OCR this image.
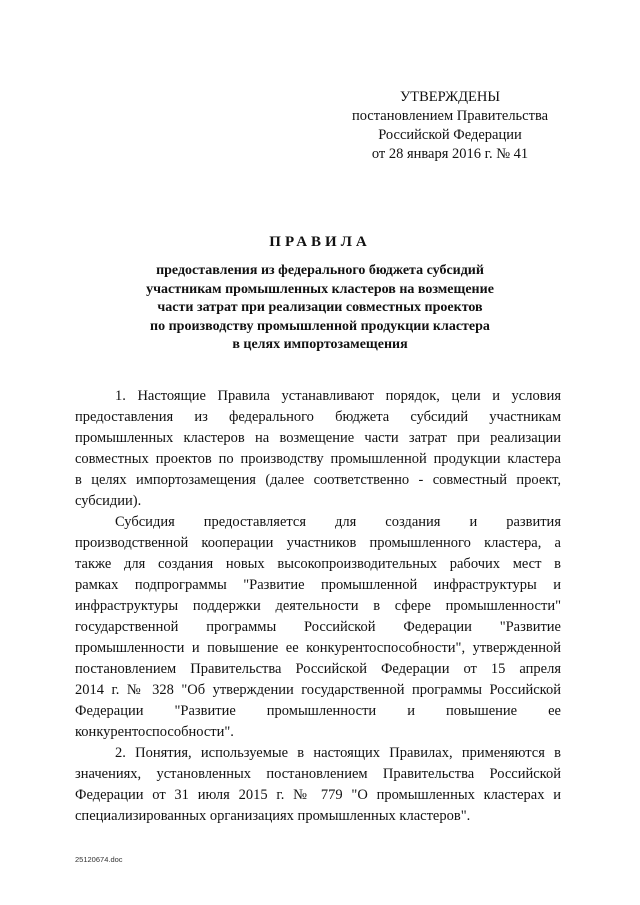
УТВЕРЖДЕНЫ
постановлением Правительства
Российской Федерации
от 28 января 2016 г. № 41
ПРАВИЛА
предоставления из федерального бюджета субсидий
участникам промышленных кластеров на возмещение
части затрат при реализации совместных проектов
по производству промышленной продукции кластера
в целях импортозамещения
1. Настоящие Правила устанавливают порядок, цели и условия
предоставления из федерального бюджета субсидий участникам
промышленных кластеров на возмещение части затрат при реализации
совместных проектов по производству промышленной продукции кластера
в целях импортозамещения (далее соответственно - совместный проект,
субсидии).
Субсидия предоставляется для создания и развития
производственной кооперации участников промышленного кластера, а
также для создания новых высокопроизводительных рабочих мест в
рамках подпрограммы "Развитие промышленной инфраструктуры и
инфраструктуры поддержки деятельности в сфере промышленности"
государственной программы Российской Федерации "Развитие
промышленности и повышение ее конкурентоспособности", утвержденной
постановлением Правительства Российской Федерации от 15 апреля
2014 г. № 328 "Об утверждении государственной программы Российской
Федерации "Развитие промышленности и повышение ее
конкурентоспособности".
2. Понятия, используемые в настоящих Правилах, применяются в
значениях, установленных постановлением Правительства Российской
Федерации от 31 июля 2015 г. № 779 "О промышленных кластерах и
специализированных организациях промышленных кластеров".
25120674.doc
